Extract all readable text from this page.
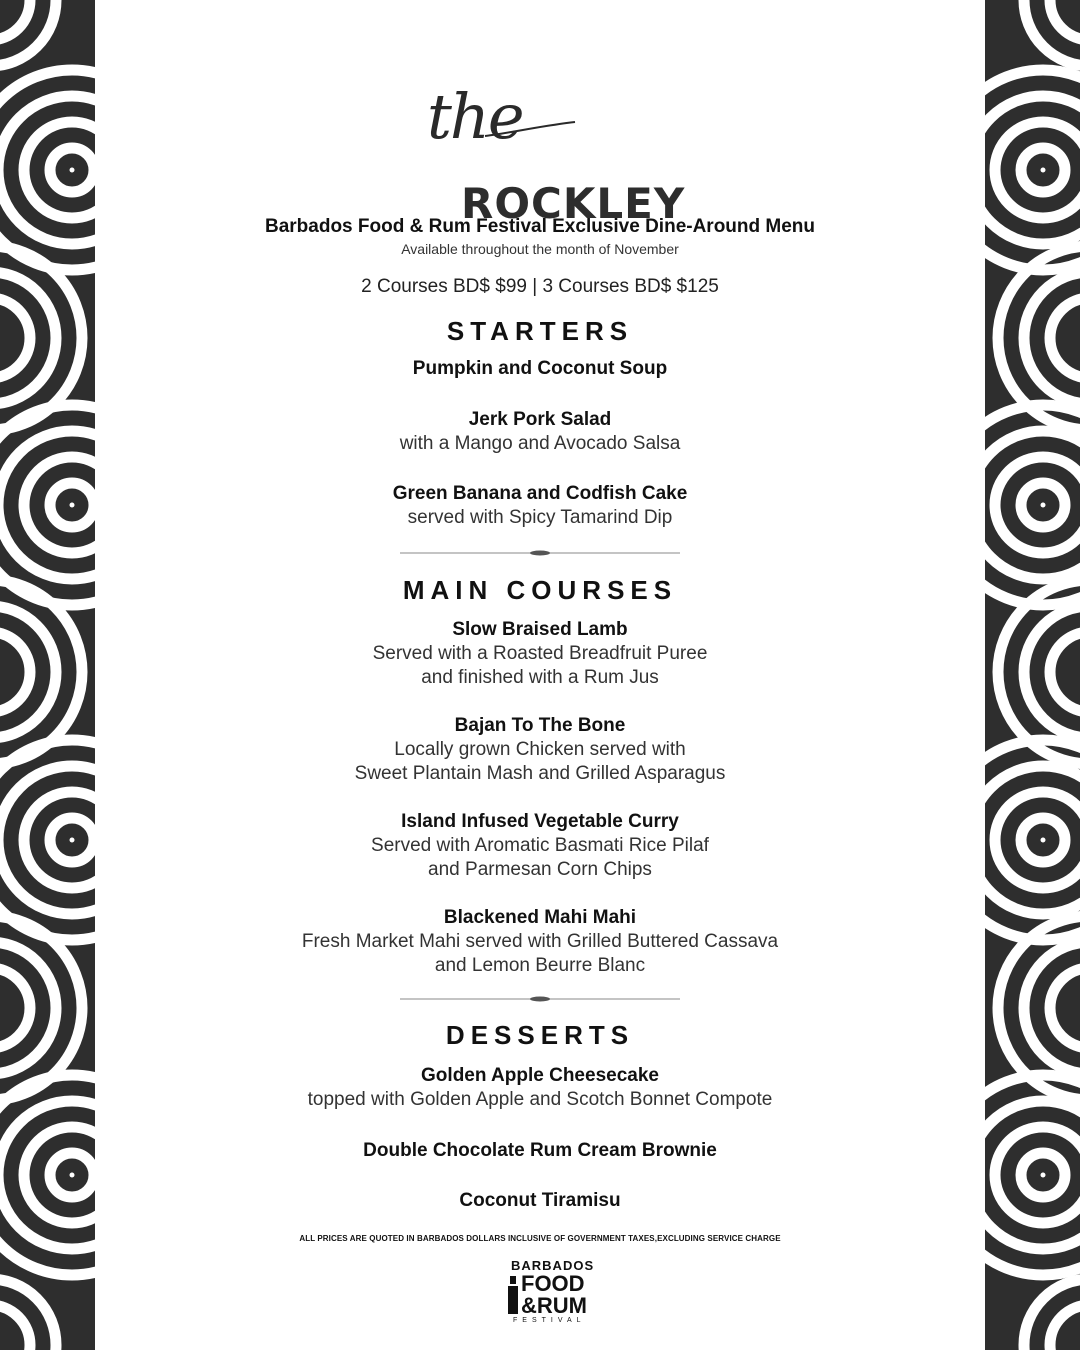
the
ROCKLEY
Barbados Food & Rum Festival Exclusive Dine-Around Menu
Available throughout the month of November
2 Courses BD$ $99 | 3 Courses BD$ $125
STARTERS
Pumpkin and Coconut Soup
Jerk Pork Salad
with a Mango and Avocado Salsa
Green Banana and Codfish Cake
served with Spicy Tamarind Dip
MAIN COURSES
Slow Braised Lamb
Served with a Roasted Breadfruit Puree
and finished with a Rum Jus
Bajan To The Bone
Locally grown Chicken served with
Sweet Plantain Mash and Grilled Asparagus
Island Infused Vegetable Curry
Served with Aromatic Basmati Rice Pilaf
and Parmesan Corn Chips
Blackened Mahi Mahi
Fresh Market Mahi served with Grilled Buttered Cassava
and Lemon Beurre Blanc
DESSERTS
Golden Apple Cheesecake
topped with Golden Apple and Scotch Bonnet Compote
Double Chocolate Rum Cream Brownie
Coconut Tiramisu
ALL PRICES ARE QUOTED IN BARBADOS DOLLARS INCLUSIVE OF GOVERNMENT TAXES,EXCLUDING SERVICE CHARGE
BARBADOS
FOOD
&RUM
FESTIVAL
